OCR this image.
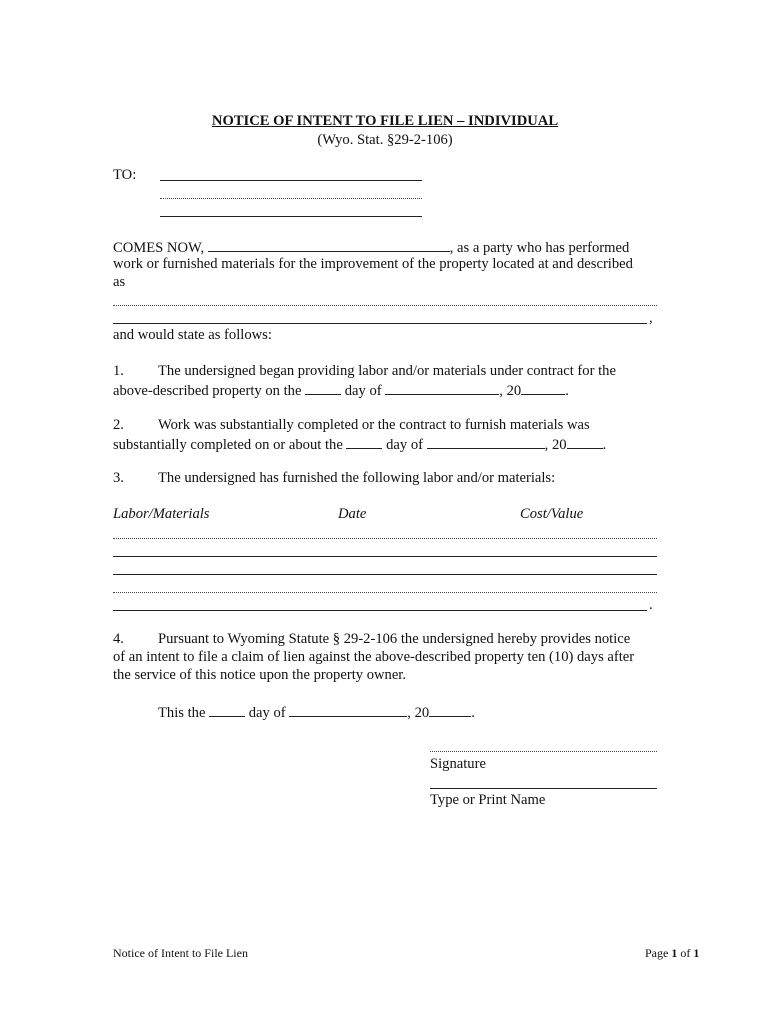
NOTICE OF INTENT TO FILE LIEN – INDIVIDUAL
(Wyo. Stat. §29-2-106)
TO:
COMES NOW,	, as a party who has performed
work or furnished materials for the improvement of the property located at and described
as
,
and would state as follows:
1. The undersigned began providing labor and/or materials under contract for the
above-described property on the	day of	, 20	.
2. Work was substantially completed or the contract to furnish materials was
substantially completed on or about the	day of	, 20 .
3. The undersigned has furnished the following labor and/or materials:
Labor/Materials	Date	Cost/Value
.
4. Pursuant to Wyoming Statute § 29-2-106 the undersigned hereby provides notice
of an intent to file a claim of lien against the above-described property ten (10) days after
the service of this notice upon the property owner.
This the	day of	, 20	.
Signature
Type or Print Name
Notice of Intent to File Lien	Page 1 of 1
